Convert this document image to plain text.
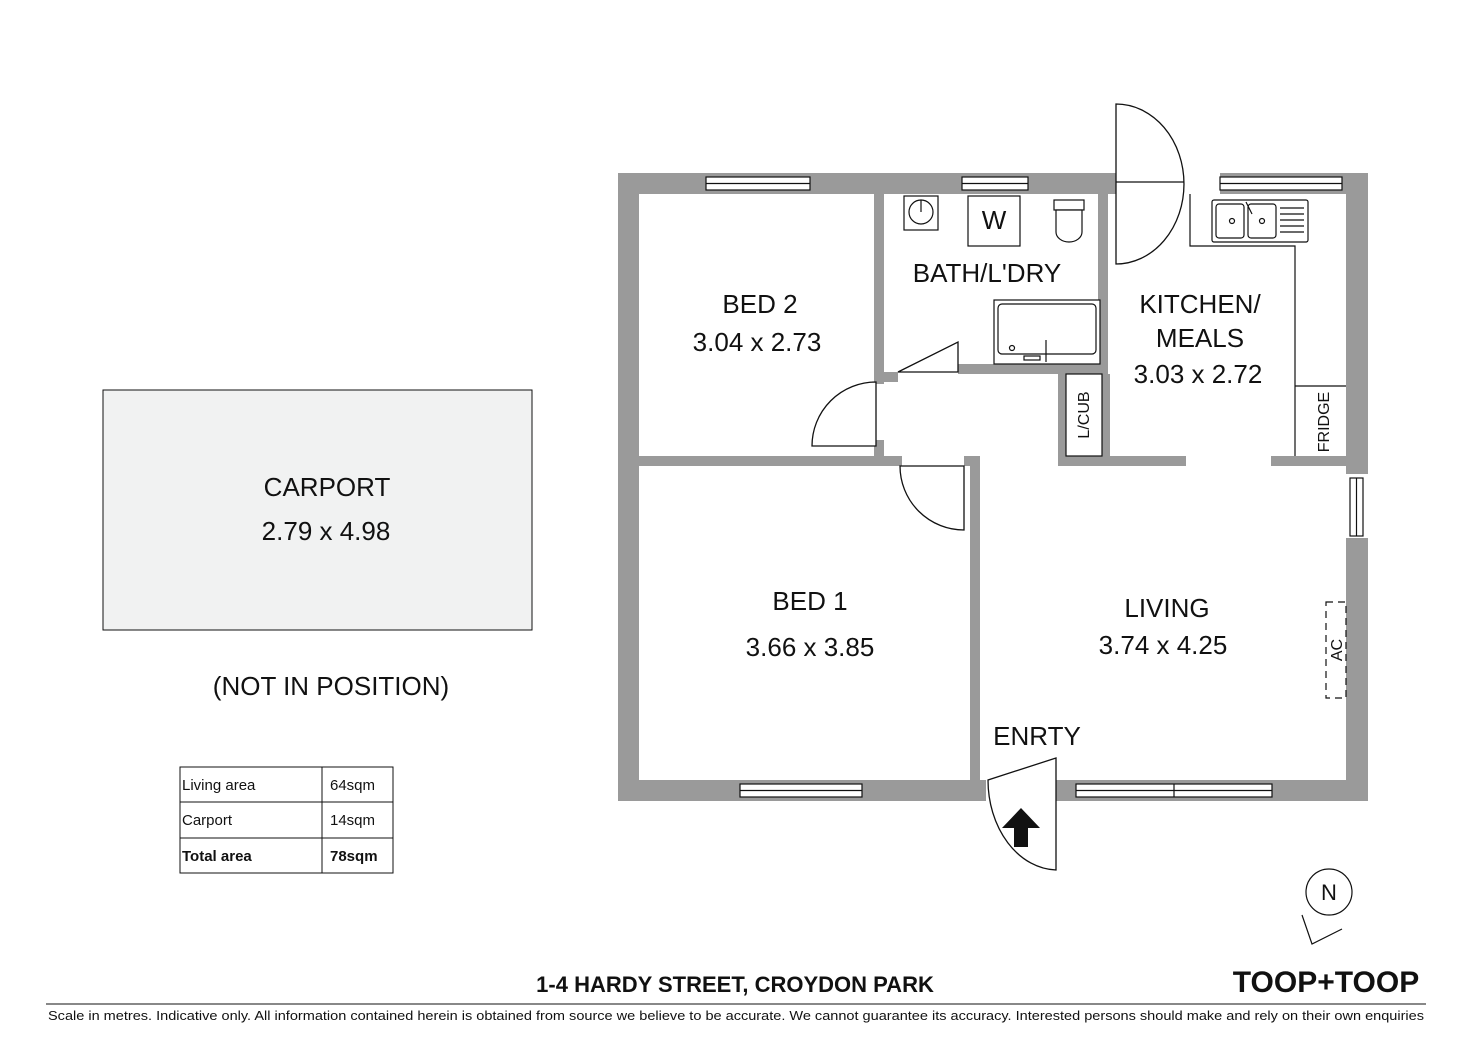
BED 2
3.04 x 2.73
BATH/L'DRY
W
KITCHEN/
MEALS
3.03 x 2.72
BED 1
3.66 x 3.85
LIVING
3.74 x 4.25
ENRTY
L/CUB	FRIDGE
AC
CARPORT
2.79 x 4.98
(NOT IN POSITION)
Living area	64sqm
Carport	14sqm
Total area	78sqm
N
1-4 HARDY STREET, CROYDON PARK	TOOP+TOOP
Scale in metres. Indicative only. All information contained herein is obtained from source we believe to be accurate. We cannot guarantee its accuracy. Interested persons should make and rely on their own enquiries
